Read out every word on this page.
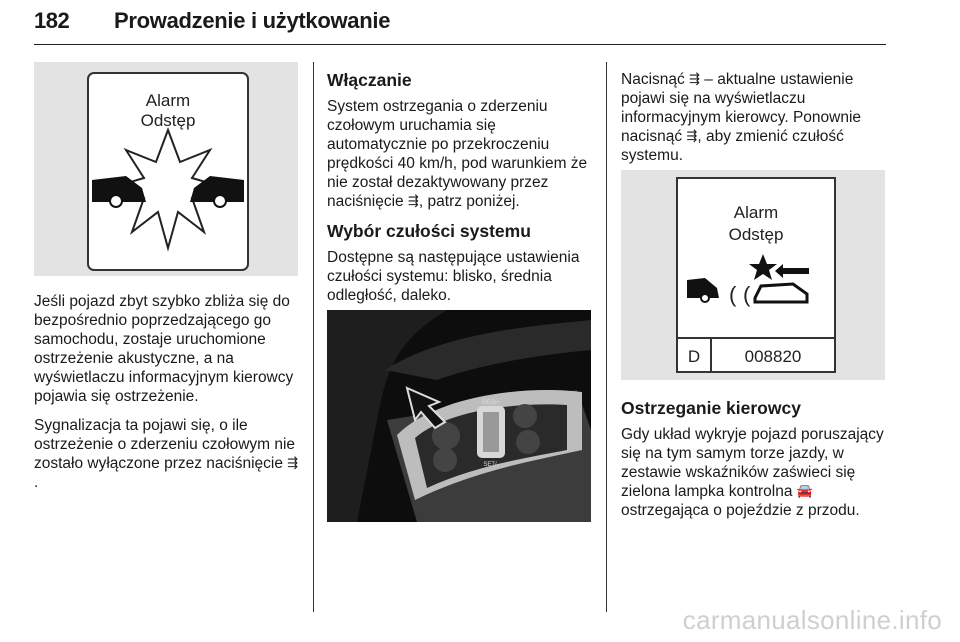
182 Prowadzenie i użytkowanie
Alarm
Odstęp

Jeśli pojazd zbyt szybko zbliża się do bezpośrednio poprzedzającego go samochodu, zostaje uruchomione ostrzeżenie akustyczne, a na wyświetlaczu informacyjnym kierowcy pojawia się ostrzeżenie.

Sygnalizacja ta pojawi się, o ile ostrzeżenie o zderzeniu czołowym nie zostało wyłączone przez naciśnięcie ⇶.

Włączanie

System ostrzegania o zderzeniu czołowym uruchamia się automatycznie po przekroczeniu prędkości 40 km/h, pod warunkiem że nie został dezaktywowany przez naciśnięcie ⇶, patrz poniżej.

Wybór czułości systemu

Dostępne są następujące ustawienia czułości systemu: blisko, średnia odległość, daleko.

RES/+
SET/-

Nacisnąć ⇶ – aktualne ustawienie pojawi się na wyświetlaczu informacyjnym kierowcy. Ponownie nacisnąć ⇶, aby zmienić czułość systemu.

Alarm
Odstęp
( (
D	008820
Ostrzeganie kierowcy

Gdy układ wykryje pojazd poruszający się na tym samym torze jazdy, w zestawie wskaźników zaświeci się zielona lampka kontrolna 🚘 ostrzegająca o pojeździe z przodu.

carmanualsonline.info
